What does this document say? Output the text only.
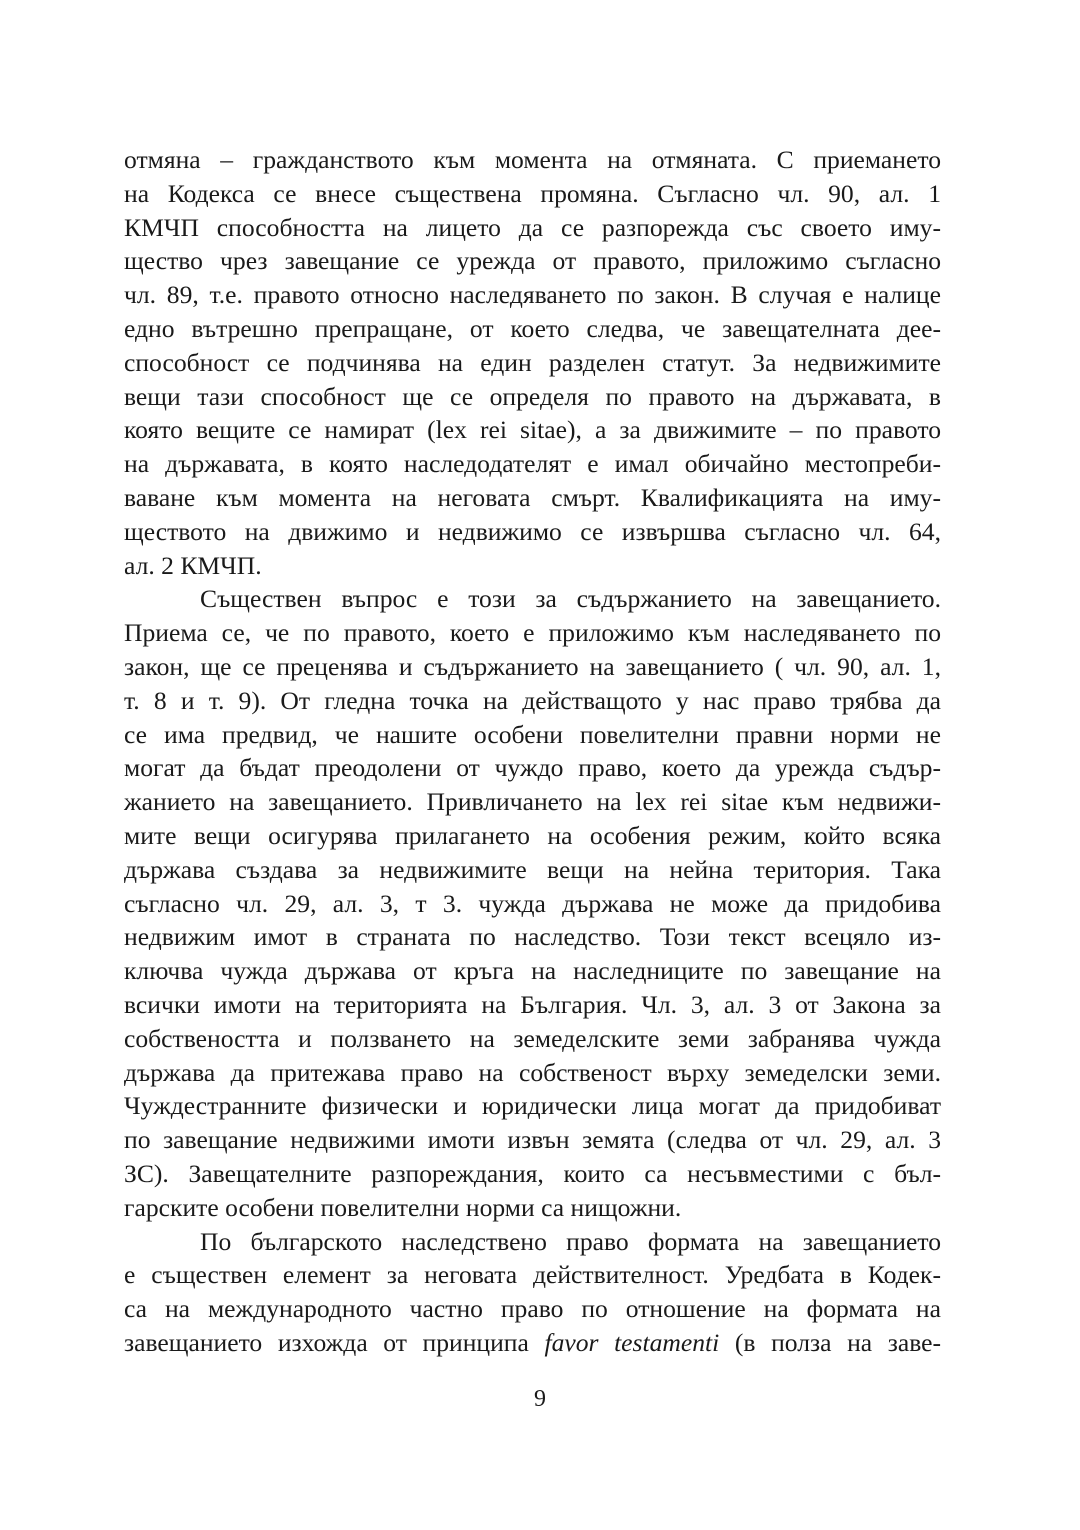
отмяна – гражданството към момента на отмяната. С приемането
на Кодекса се внесе съществена промяна. Съгласно чл. 90, ал. 1
КМЧП способността на лицето да се разпорежда със своето иму-
щество чрез завещание се урежда от правото, приложимо съгласно
чл. 89, т.е. правото относно наследяването по закон. В случая е налице
едно вътрешно препращане, от което следва, че завещателната дее-
способност се подчинява на един разделен статут. За недвижимите
вещи тази способност ще се определя по правото на държавата, в
която вещите се намират (lex rei sitae), а за движимите – по правото
на държавата, в която наследодателят е имал обичайно местопреби-
ваване към момента на неговата смърт. Квалификацията на иму-
ществото на движимо и недвижимо се извършва съгласно чл. 64,
ал. 2 КМЧП.
Съществен въпрос е този за съдържанието на завещанието.
Приема се, че по правото, което е приложимо към наследяването по
закон, ще се преценява и съдържанието на завещанието ( чл. 90, ал. 1,
т. 8 и т. 9). От гледна точка на действащото у нас право трябва да
се има предвид, че нашите особени повелителни правни норми не
могат да бъдат преодолени от чуждо право, което да урежда съдър-
жанието на завещанието. Привличането на lex rei sitae към недвижи-
мите вещи осигурява прилагането на особения режим, който всяка
държава създава за недвижимите вещи на нейна територия. Така
съгласно чл. 29, ал. 3, т 3. чужда държава не може да придобива
недвижим имот в страната по наследство. Този текст всецяло из-
ключва чужда държава от кръга на наследниците по завещание на
всички имоти на територията на България. Чл. 3, ал. 3 от Закона за
собствеността и ползването на земеделските земи забранява чужда
държава да притежава право на собственост върху земеделски земи.
Чуждестранните физически и юридически лица могат да придобиват
по завещание недвижими имоти извън земята (следва от чл. 29, ал. 3
ЗС). Завещателните разпореждания, които са несъвместими с бъл-
гарските особени повелителни норми са нищожни.
По българското наследствено право формата на завещанието
е съществен елемент за неговата действителност. Уредбата в Кодек-
са на международното частно право по отношение на формата на
завещанието изхожда от принципа favor testamenti (в полза на заве-
9
